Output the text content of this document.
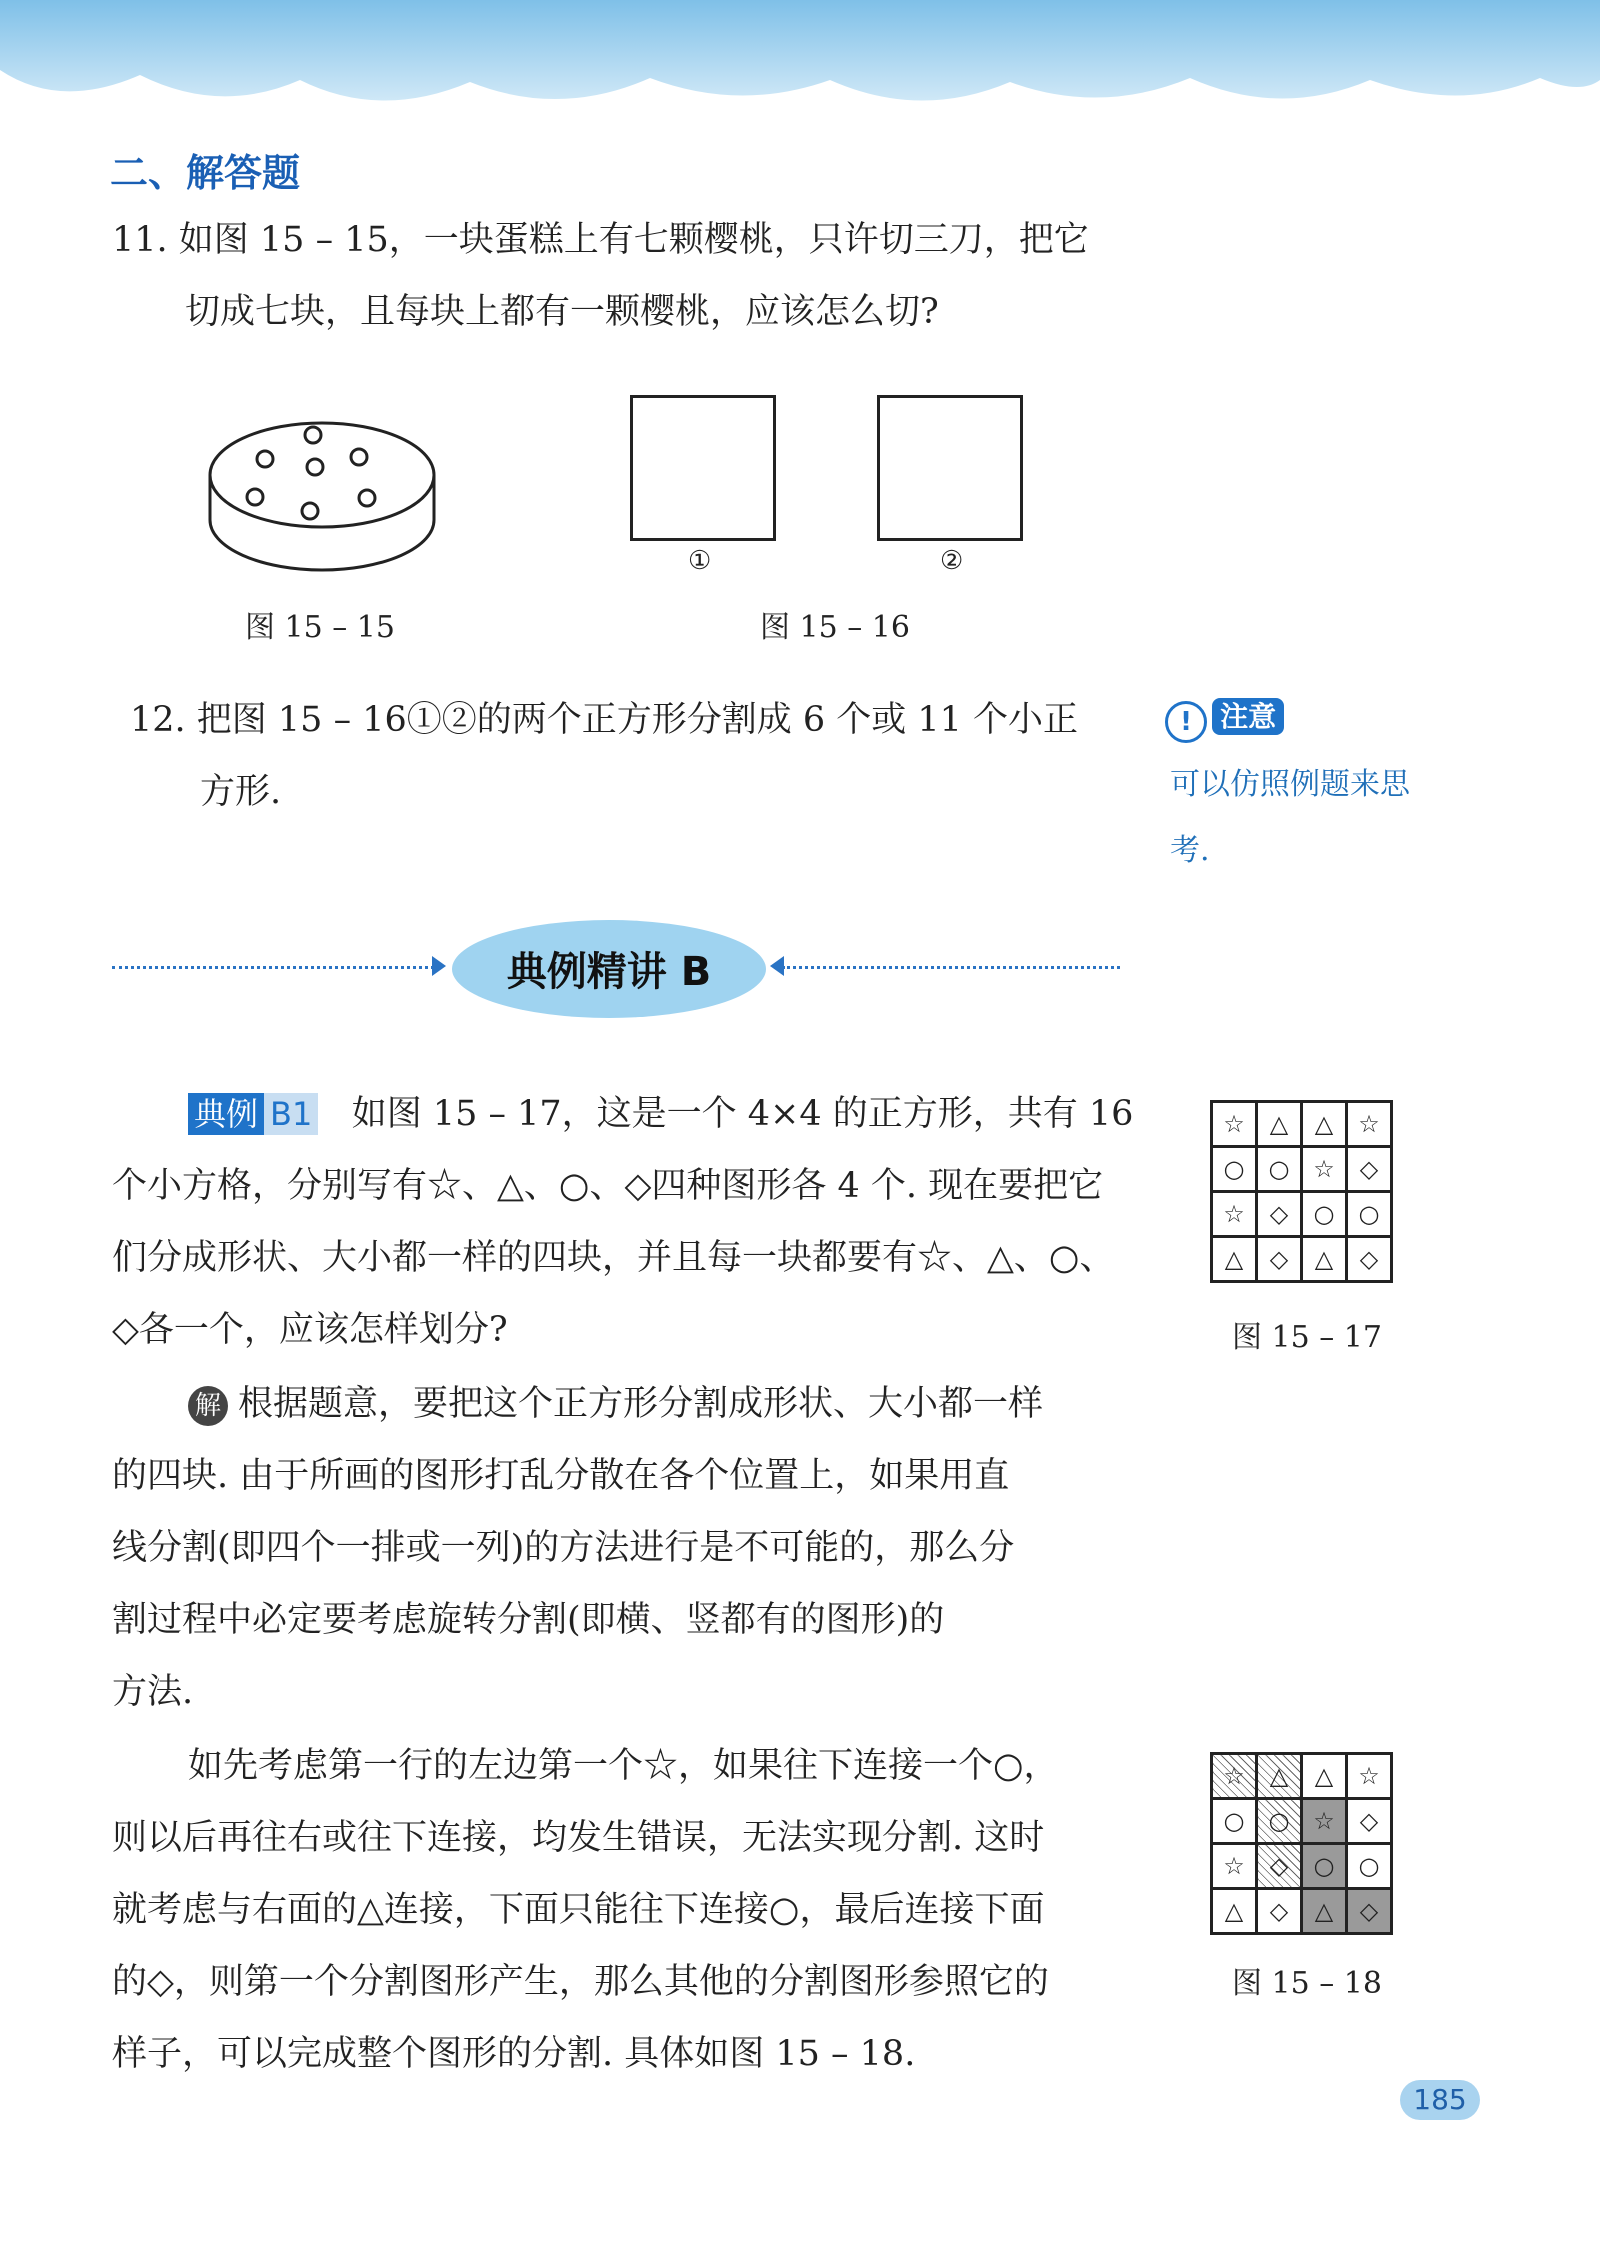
二、解答题
11. 如图 15 – 15，一块蛋糕上有七颗樱桃，只许切三刀，把它
切成七块，且每块上都有一颗樱桃，应该怎么切?
图 15 – 15
①	②
图 15 – 16
12. 把图 15 – 16①②的两个正方形分割成 6 个或 11 个小正
方形.
! 注意
可以仿照例题来思
考.
典例精讲 B
典例 B1 如图 15 – 17，这是一个 4×4 的正方形，共有 16
个小方格，分别写有☆、△、○、◇四种图形各 4 个. 现在要把它
们分成形状、大小都一样的四块，并且每一块都要有☆、△、○、
◇各一个，应该怎样划分?
解 根据题意，要把这个正方形分割成形状、大小都一样
的四块. 由于所画的图形打乱分散在各个位置上，如果用直
线分割(即四个一排或一列)的方法进行是不可能的，那么分
割过程中必定要考虑旋转分割(即横、竖都有的图形)的
方法.
如先考虑第一行的左边第一个☆，如果往下连接一个○，
则以后再往右或往下连接，均发生错误，无法实现分割. 这时
就考虑与右面的△连接，下面只能往下连接○，最后连接下面
的◇，则第一个分割图形产生，那么其他的分割图形参照它的
样子，可以完成整个图形的分割. 具体如图 15 – 18.
☆	△	△	☆
○	○	☆	◇
☆	◇	○	○
△	◇	△	◇
图 15 – 17
☆	△	△	☆
○	○	☆	◇
☆	◇	○	○
△	◇	△	◇
图 15 – 18
185
